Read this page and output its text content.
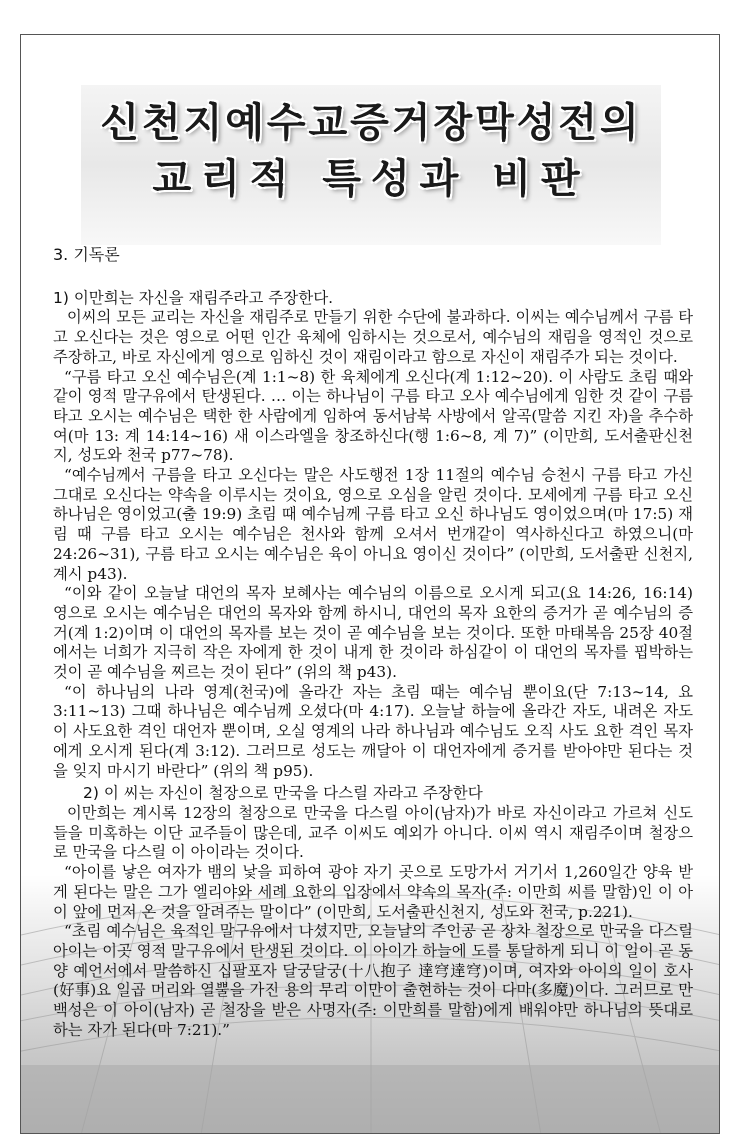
신천지예수교증거장막성전의
교리적 특성과 비판
3. 기독론
1) 이만희는 자신을 재림주라고 주장한다.

이씨의 모든 교리는 자신을 재림주로 만들기 위한 수단에 불과하다. 이씨는 예수님께서 구름 타고 오신다는 것은 영으로 어떤 인간 육체에 임하시는 것으로서, 예수님의 재림을 영적인 것으로 주장하고, 바로 자신에게 영으로 임하신 것이 재림이라고 함으로 자신이 재림주가 되는 것이다.

“구름 타고 오신 예수님은(계 1:1~8) 한 육체에게 오신다(계 1:12~20). 이 사람도 초림 때와 같이 영적 말구유에서 탄생된다. … 이는 하나님이 구름 타고 오사 예수님에게 임한 것 같이 구름 타고 오시는 예수님은 택한 한 사람에게 임하여 동서남북 사방에서 알곡(말씀 지킨 자)을 추수하여(마 13: 계 14:14~16) 새 이스라엘을 창조하신다(행 1:6~8, 계 7)” (이만희, 도서출판신천지, 성도와 천국 p77~78).

“예수님께서 구름을 타고 오신다는 말은 사도행전 1장 11절의 예수님 승천시 구름 타고 가신 그대로 오신다는 약속을 이루시는 것이요, 영으로 오심을 알린 것이다. 모세에게 구름 타고 오신 하나님은 영이었고(출 19:9) 초림 때 예수님께 구름 타고 오신 하나님도 영이었으며(마 17:5) 재림 때 구름 타고 오시는 예수님은 천사와 함께 오셔서 번개같이 역사하신다고 하였으니(마 24:26~31), 구름 타고 오시는 예수님은 육이 아니요 영이신 것이다” (이만희, 도서출판 신천지, 계시 p43).

“이와 같이 오늘날 대언의 목자 보혜사는 예수님의 이름으로 오시게 되고(요 14:26, 16:14) 영으로 오시는 예수님은 대언의 목자와 함께 하시니, 대언의 목자 요한의 증거가 곧 예수님의 증거(계 1:2)이며 이 대언의 목자를 보는 것이 곧 예수님을 보는 것이다. 또한 마태복음 25장 40절에서는 너희가 지극히 작은 자에게 한 것이 내게 한 것이라 하심같이 이 대언의 목자를 핍박하는 것이 곧 예수님을 찌르는 것이 된다” (위의 책 p43).

“이 하나님의 나라 영계(천국)에 올라간 자는 초림 때는 예수님 뿐이요(단 7:13~14, 요 3:11~13) 그때 하나님은 예수님께 오셨다(마 4:17). 오늘날 하늘에 올라간 자도, 내려온 자도 이 사도요한 격인 대언자 뿐이며, 오실 영계의 나라 하나님과 예수님도 오직 사도 요한 격인 목자에게 오시게 된다(계 3:12). 그러므로 성도는 깨달아 이 대언자에게 증거를 받아야만 된다는 것을 잊지 마시기 바란다” (위의 책 p95).

2) 이 씨는 자신이 철장으로 만국을 다스릴 자라고 주장한다

이만희는 계시록 12장의 철장으로 만국을 다스릴 아이(남자)가 바로 자신이라고 가르쳐 신도들을 미혹하는 이단 교주들이 많은데, 교주 이씨도 예외가 아니다. 이씨 역시 재림주이며 철장으로 만국을 다스릴 이 아이라는 것이다.

“아이를 낳은 여자가 뱀의 낯을 피하여 광야 자기 곳으로 도망가서 거기서 1,260일간 양육 받게 된다는 말은 그가 엘리야와 세례 요한의 입장에서 약속의 목자(주: 이만희 씨를 말함)인 이 아이 앞에 먼저 온 것을 알려주는 말이다” (이만희, 도서출판신천지, 성도와 천국, p.221).

“초림 예수님은 육적인 말구유에서 나셨지만, 오늘날의 주인공 곧 장차 철장으로 만국을 다스릴 아이는 이곳 영적 말구유에서 탄생된 것이다. 이 아이가 하늘에 도를 통달하게 되니 이 일이 곧 동양 예언서에서 말씀하신 십팔포자 달궁달궁(十八抱子 達穹達穹)이며, 여자와 아이의 일이 호사(好事)요 일곱 머리와 열뿔을 가진 용의 무리 이만이 출현하는 것이 다마(多魔)이다. 그러므로 만 백성은 이 아이(남자) 곧 철장을 받은 사명자(주: 이만희를 말함)에게 배워야만 하나님의 뜻대로 하는 자가 된다(마 7:21).”
